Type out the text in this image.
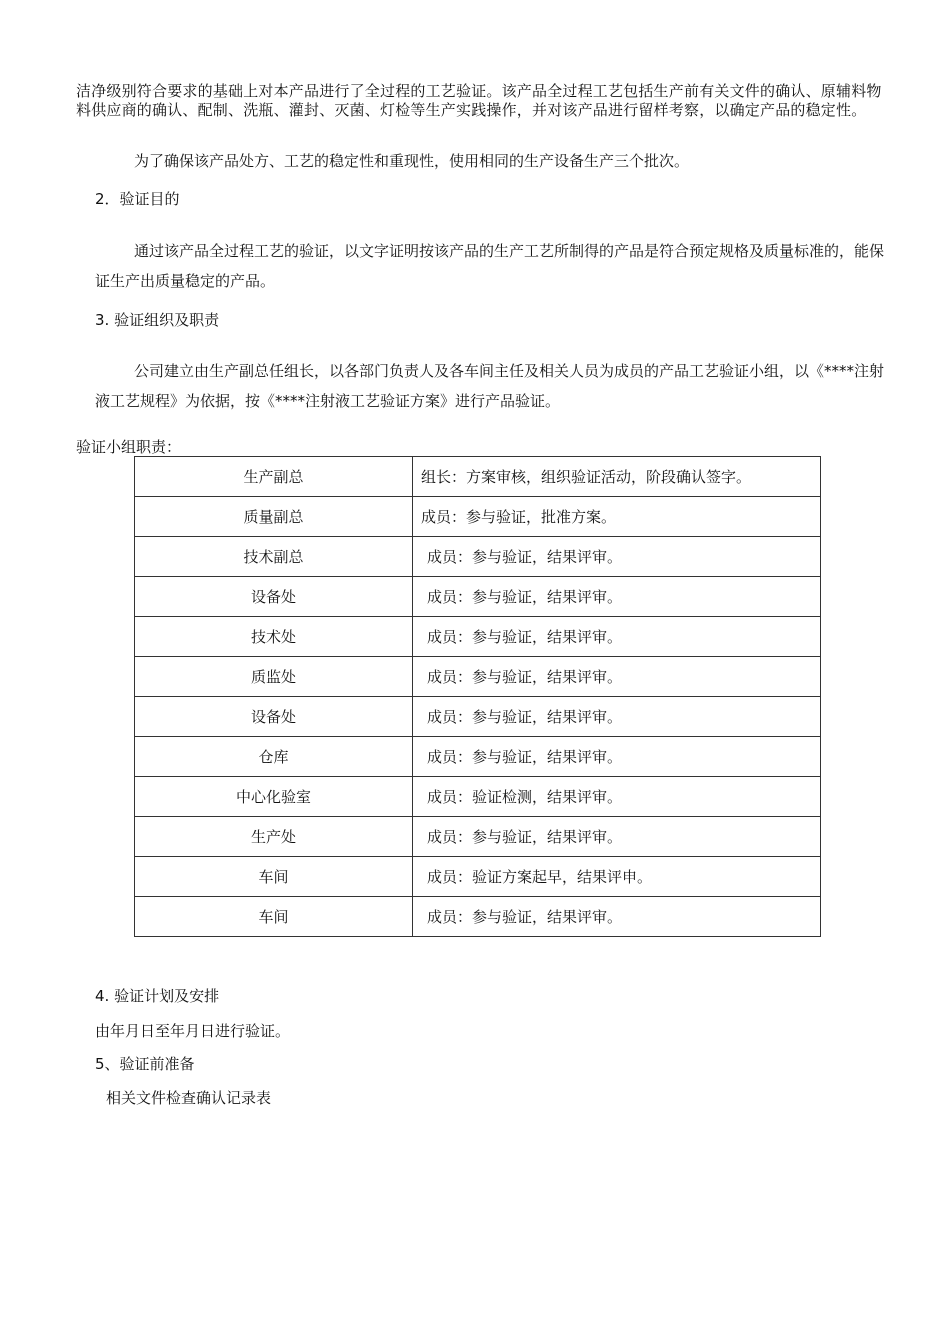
洁净级别符合要求的基础上对本产品进行了全过程的工艺验证。该产品全过程工艺包括生产前有关文件的确认、原辅料物料供应商的确认、配制、洗瓶、灌封、灭菌、灯检等生产实践操作，并对该产品进行留样考察，以确定产品的稳定性。

为了确保该产品处方、工艺的稳定性和重现性，使用相同的生产设备生产三个批次。

2．验证目的

通过该产品全过程工艺的验证，以文字证明按该产品的生产工艺所制得的产品是符合预定规格及质量标准的，能保证生产出质量稳定的产品。

3. 验证组织及职责

公司建立由生产副总任组长，以各部门负责人及各车间主任及相关人员为成员的产品工艺验证小组，以《****注射液工艺规程》为依据，按《****注射液工艺验证方案》进行产品验证。

验证小组职责：

生产副总	组长：方案审核，组织验证活动，阶段确认签字。
质量副总	成员：参与验证，批准方案。
技术副总	成员：参与验证，结果评审。
设备处	成员：参与验证，结果评审。
技术处	成员：参与验证，结果评审。
质监处	成员：参与验证，结果评审。
设备处	成员：参与验证，结果评审。
仓库	成员：参与验证，结果评审。
中心化验室	成员：验证检测，结果评审。
生产处	成员：参与验证，结果评审。
车间	成员：验证方案起早，结果评申。
车间	成员：参与验证，结果评审。

4. 验证计划及安排

由年月日至年月日进行验证。

5、验证前准备

相关文件检查确认记录表
